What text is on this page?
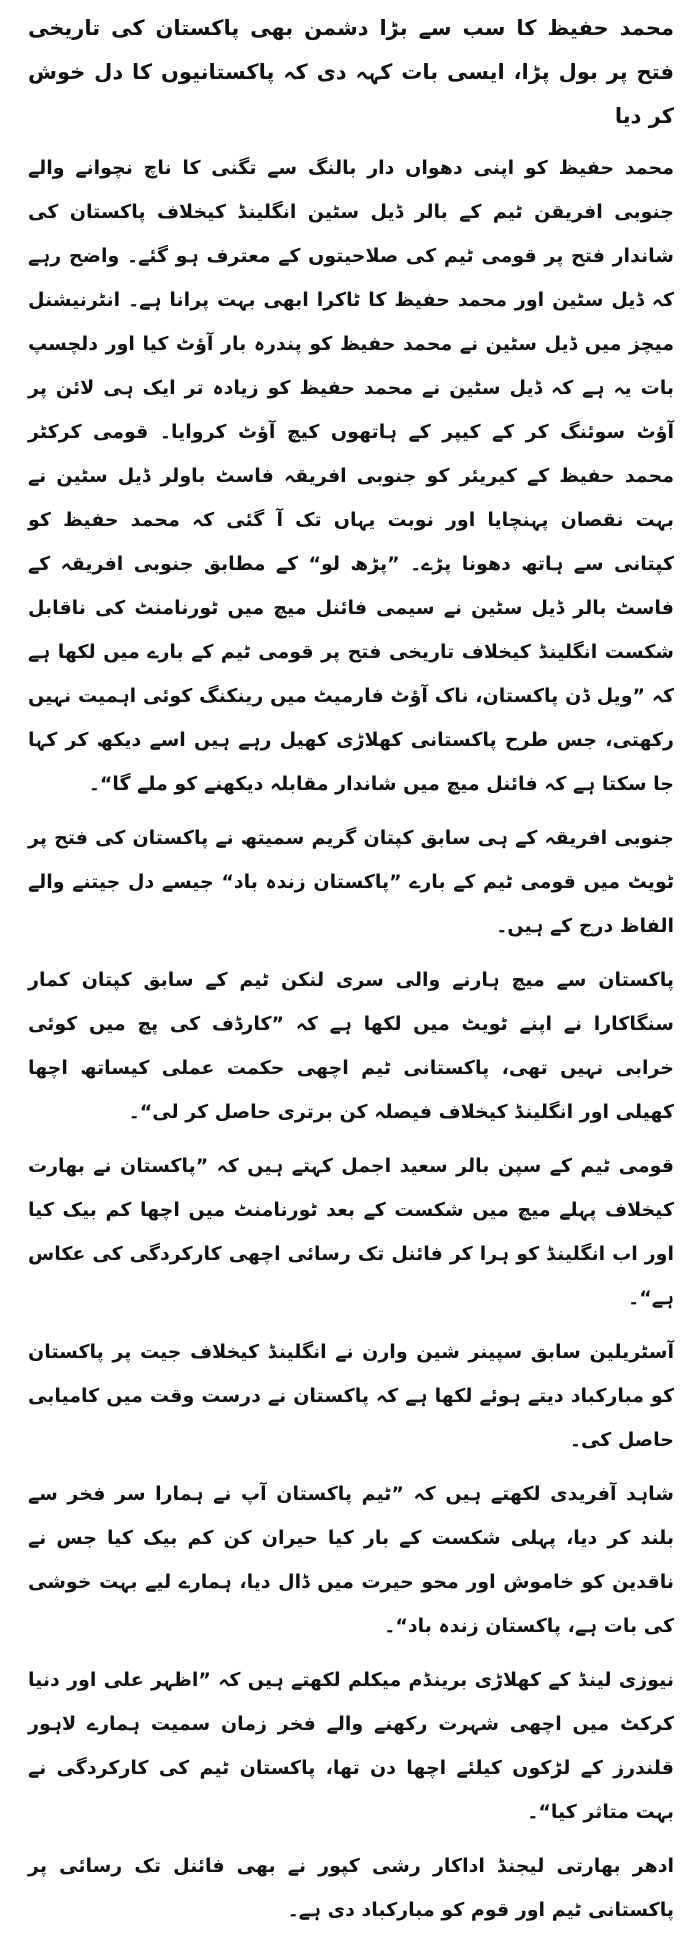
محمد حفیظ کا سب سے بڑا دشمن بھی پاکستان کی تاریخی فتح پر بول پڑا، ایسی بات کہہ دی کہ پاکستانیوں کا دل خوش کر دیا

محمد حفیظ کو اپنی دھواں دار بالنگ سے تگنی کا ناچ نچوانے والے جنوبی افریقن ٹیم کے بالر ڈیل سٹین انگلینڈ کیخلاف پاکستان کی شاندار فتح پر قومی ٹیم کی صلاحیتوں کے معترف ہو گئے۔ واضح رہے کہ ڈیل سٹین اور محمد حفیظ کا ٹاکرا ابھی بہت پرانا ہے۔ انٹرنیشنل میچز میں ڈیل سٹین نے محمد حفیظ کو پندرہ بار آﺅٹ کیا اور دلچسپ بات یہ ہے کہ ڈیل سٹین نے محمد حفیظ کو زیادہ تر ایک ہی لائن پر آﺅٹ سوئنگ کر کے کیپر کے ہاتھوں کیچ آﺅٹ کروایا۔ قومی کرکٹر محمد حفیظ کے کیریئر کو جنوبی افریقہ فاسٹ باولر ڈیل سٹین نے بہت نقصان پہنچایا اور نوبت یہاں تک آ گئی کہ محمد حفیظ کو کپتانی سے ہاتھ دھونا پڑے۔ ”پڑھ لو“ کے مطابق جنوبی افریقہ کے فاسٹ بالر ڈیل سٹین نے سیمی فائنل میچ میں ٹورنامنٹ کی ناقابل شکست انگلینڈ کیخلاف تاریخی فتح پر قومی ٹیم کے بارے میں لکھا ہے کہ ”ویل ڈن پاکستان، ناک آﺅٹ فارمیٹ میں رینکنگ کوئی اہمیت نہیں رکھتی، جس طرح پاکستانی کھلاڑی کھیل رہے ہیں اسے دیکھ کر کہا جا سکتا ہے کہ فائنل میچ میں شاندار مقابلہ دیکھنے کو ملے گا“۔

جنوبی افریقہ کے ہی سابق کپتان گریم سمیتھ نے پاکستان کی فتح پر ٹویٹ میں قومی ٹیم کے بارے ”پاکستان زندہ باد“ جیسے دل جیتنے والے الفاظ درج کے ہیں۔

پاکستان سے میچ ہارنے والی سری لنکن ٹیم کے سابق کپتان کمار سنگاکارا نے اپنے ٹویٹ میں لکھا ہے کہ ”کارڈف کی پچ میں کوئی خرابی نہیں تھی، پاکستانی ٹیم اچھی حکمت عملی کیساتھ اچھا کھیلی اور انگلینڈ کیخلاف فیصلہ کن برتری حاصل کر لی“۔

قومی ٹیم کے سپن بالر سعید اجمل کہتے ہیں کہ ”پاکستان نے بھارت کیخلاف پہلے میچ میں شکست کے بعد ٹورنامنٹ میں اچھا کم بیک کیا اور اب انگلینڈ کو ہرا کر فائنل تک رسائی اچھی کارکردگی کی عکاس ہے“۔

آسٹریلین سابق سپینر شین وارن نے انگلینڈ کیخلاف جیت پر پاکستان کو مبارکباد دیتے ہوئے لکھا ہے کہ پاکستان نے درست وقت میں کامیابی حاصل کی۔

شاہد آفریدی لکھتے ہیں کہ ”ٹیم پاکستان آپ نے ہمارا سر فخر سے بلند کر دیا، پہلی شکست کے بار کیا حیران کن کم بیک کیا جس نے ناقدین کو خاموش اور محو حیرت میں ڈال دیا، ہمارے لیے بہت خوشی کی بات ہے، پاکستان زندہ باد“۔

نیوزی لینڈ کے کھلاڑی برینڈم میکلم لکھتے ہیں کہ ”اظہر علی اور دنیا کرکٹ میں اچھی شہرت رکھنے والے فخر زمان سمیت ہمارے لاہور قلندرز کے لڑکوں کیلئے اچھا دن تھا، پاکستان ٹیم کی کارکردگی نے بہت متاثر کیا“۔

ادھر بھارتی لیجنڈ اداکار رشی کپور نے بھی فائنل تک رسائی پر پاکستانی ٹیم اور قوم کو مبارکباد دی ہے۔
